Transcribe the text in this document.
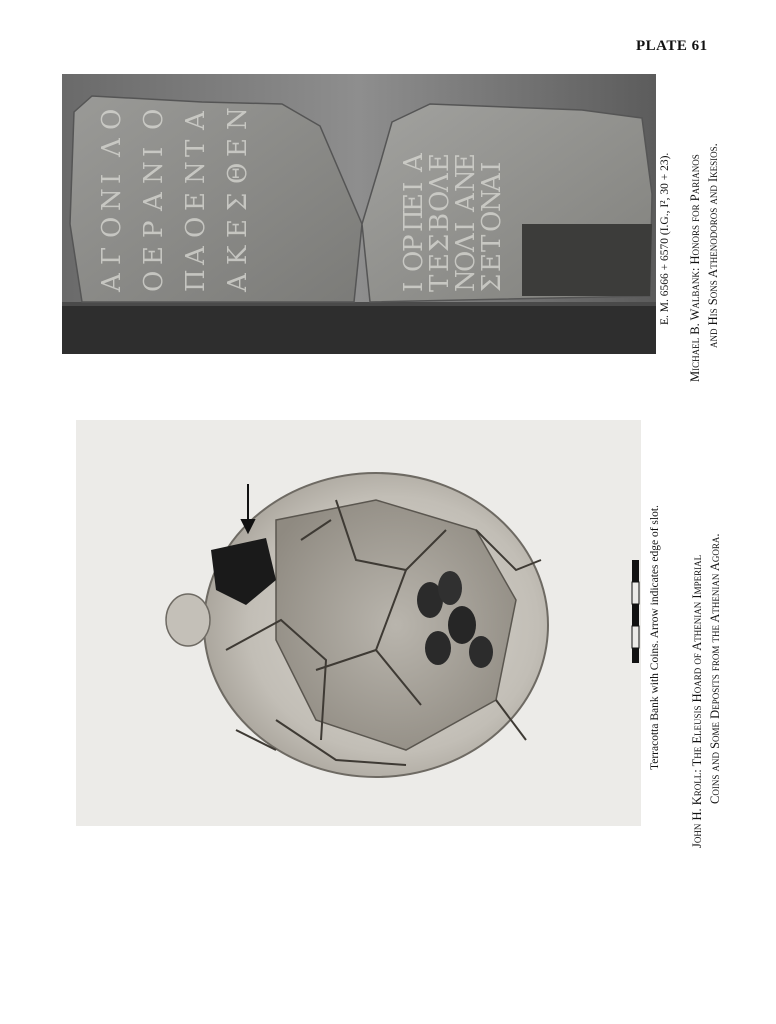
PLATE 61
Α
Γ
Ο
Ν
Ι
Λ
Ο
Ο
Ε
Ρ
Α
Ν
Ι
Ο
Π
Α
Ο
Ε
Ν
Τ
Α
Α
Κ
Ε
Σ
Θ
Ε
Ν
Ι
Ο
Ρ
Π
Ε
Ι
Α
Τ
Ε
Σ
Β
Ο
Λ
Ε
Ν
Ο
Λ
Ι
Α
Ν
Ε
Σ
Ε
Τ
Ο
Ν
Α
Ι	E. M. 6566 + 6570 (I.G., I², 30 + 23). Michael B. Walbank: Honors for Parianos and His Sons Athenodoros and Ikesios.
Terracotta Bank with Coins. Arrow indicates edge of slot. John H. Kroll: The Eleusis Hoard of Athenian Imperial Coins and Some Deposits from the Athenian Agora.
